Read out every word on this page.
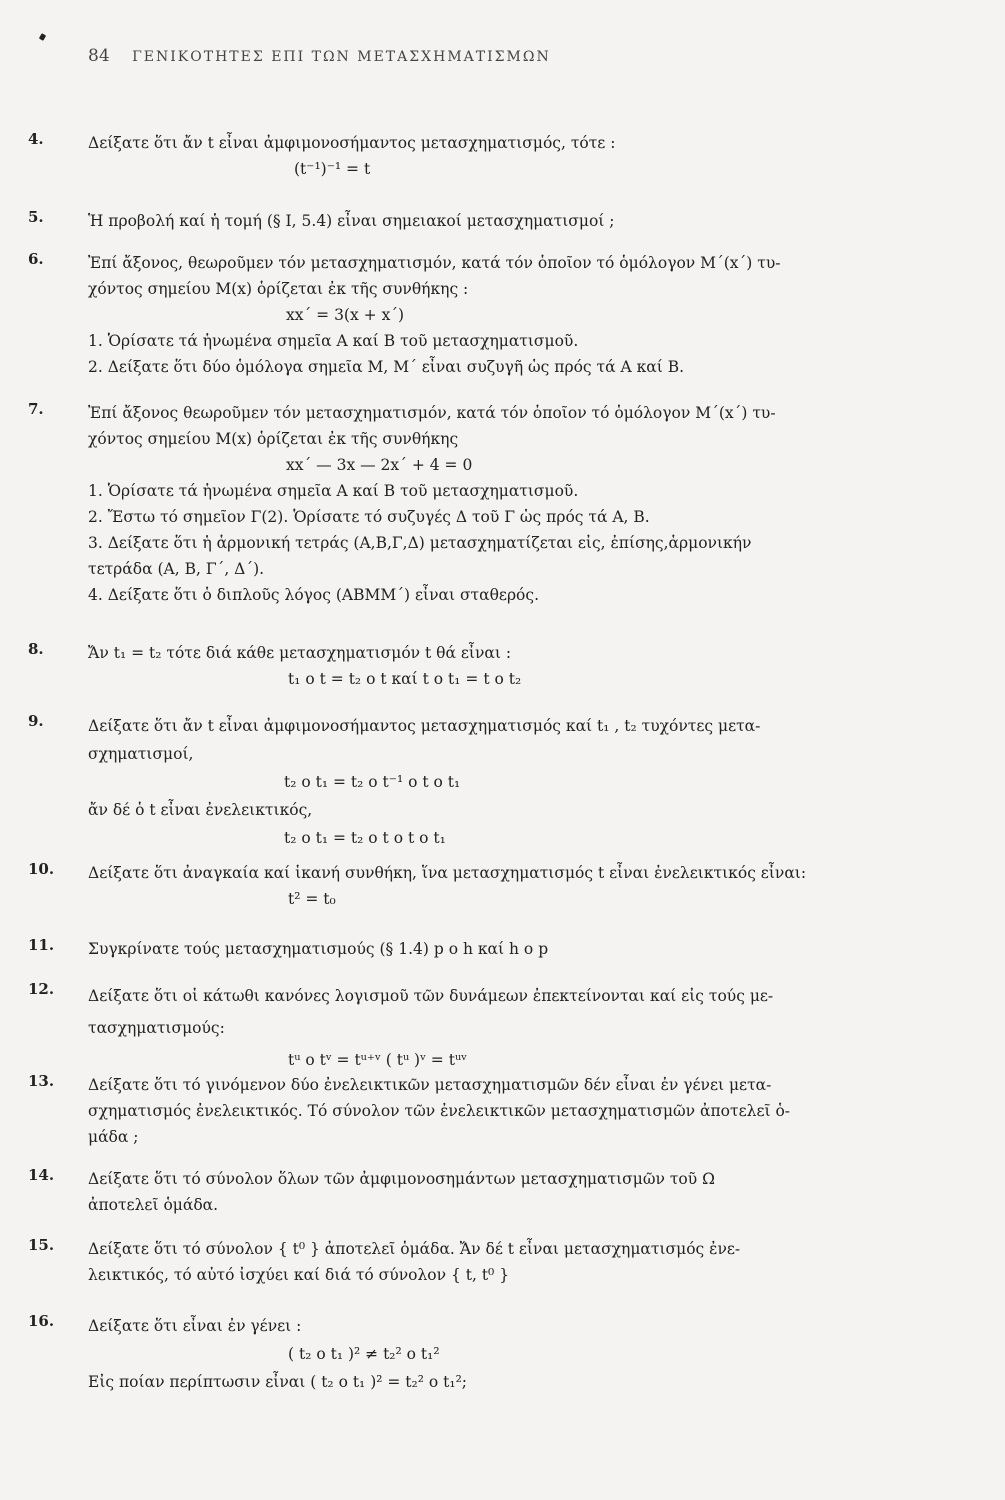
84 ΓΕΝΙΚΟΤΗΤΕΣ ΕΠΙ ΤΩΝ ΜΕΤΑΣΧΗΜΑΤΙΣΜΩΝ
4.	Δείξατε ὅτι ἄν t εἶναι ἀμφιμονοσήμαντος μετασχηματισμός, τότε :
(t⁻¹)⁻¹ = t
5.	Ἡ προβολή καί ἡ τομή (§ I, 5.4) εἶναι σημειακοί μετασχηματισμοί ;
6.	Ἐπί ἄξονος, θεωροῦμεν τόν μετασχηματισμόν, κατά τόν ὁποῖον τό ὁμόλογον M΄(x΄) τυ-
χόντος σημείου M(x) ὁρίζεται ἐκ τῆς συνθήκης :
xx΄ = 3(x + x΄)
1. Ὁρίσατε τά ἡνωμένα σημεῖα A καί B τοῦ μετασχηματισμοῦ.
2. Δείξατε ὅτι δύο ὁμόλογα σημεῖα M, M΄ εἶναι συζυγῆ ὡς πρός τά A καί B.
7.	Ἐπί ἄξονος θεωροῦμεν τόν μετασχηματισμόν, κατά τόν ὁποῖον τό ὁμόλογον M΄(x΄) τυ-
χόντος σημείου M(x) ὁρίζεται ἐκ τῆς συνθήκης
xx΄ — 3x — 2x΄ + 4 = 0
1. Ὁρίσατε τά ἡνωμένα σημεῖα A καί B τοῦ μετασχηματισμοῦ.
2. Ἔστω τό σημεῖον Γ(2). Ὁρίσατε τό συζυγές Δ τοῦ Γ ὡς πρός τά A, B.
3. Δείξατε ὅτι ἡ ἁρμονική τετράς (A,B,Γ,Δ) μετασχηματίζεται εἰς, ἐπίσης,ἁρμονικήν
τετράδα (A, B, Γ΄, Δ΄).
4. Δείξατε ὅτι ὁ διπλοῦς λόγος (ABMM΄) εἶναι σταθερός.
8.	Ἄν t₁ = t₂ τότε διά κάθε μετασχηματισμόν t θά εἶναι :
t₁ o t = t₂ o t καί t o t₁ = t o t₂
9.	Δείξατε ὅτι ἄν t εἶναι ἀμφιμονοσήμαντος μετασχηματισμός καί t₁ , t₂ τυχόντες μετα-
σχηματισμοί,
t₂ o t₁ = t₂ o t⁻¹ o t o t₁
ἄν δέ ὁ t εἶναι ἐνελεικτικός,
t₂ o t₁ = t₂ o t o t o t₁
10. Δείξατε ὅτι ἀναγκαία καί ἱκανή συνθήκη, ἵνα μετασχηματισμός t εἶναι ἐνελεικτικός εἶναι:
t² = t₀
11. Συγκρίνατε τούς μετασχηματισμούς (§ 1.4) p o h καί h o p
12. Δείξατε ὅτι οἱ κάτωθι κανόνες λογισμοῦ τῶν δυνάμεων ἐπεκτείνονται καί εἰς τούς με-
τασχηματισμούς:
tᵘ o tᵛ = tᵘ⁺ᵛ ( tᵘ )ᵛ = tᵘᵛ
13. Δείξατε ὅτι τό γινόμενον δύο ἐνελεικτικῶν μετασχηματισμῶν δέν εἶναι ἐν γένει μετα-
σχηματισμός ἐνελεικτικός. Τό σύνολον τῶν ἐνελεικτικῶν μετασχηματισμῶν ἀποτελεῖ ὁ-
μάδα ;
14. Δείξατε ὅτι τό σύνολον ὅλων τῶν ἀμφιμονοσημάντων μετασχηματισμῶν τοῦ Ω
ἀποτελεῖ ὁμάδα.
15. Δείξατε ὅτι τό σύνολον { t⁰ } ἀποτελεῖ ὁμάδα. Ἄν δέ t εἶναι μετασχηματισμός ἐνε-
λεικτικός, τό αὐτό ἰσχύει καί διά τό σύνολον { t, t⁰ }
16. Δείξατε ὅτι εἶναι ἐν γένει :
( t₂ o t₁ )² ≠ t₂² o t₁²
Εἰς ποίαν περίπτωσιν εἶναι ( t₂ o t₁ )² = t₂² o t₁²;
